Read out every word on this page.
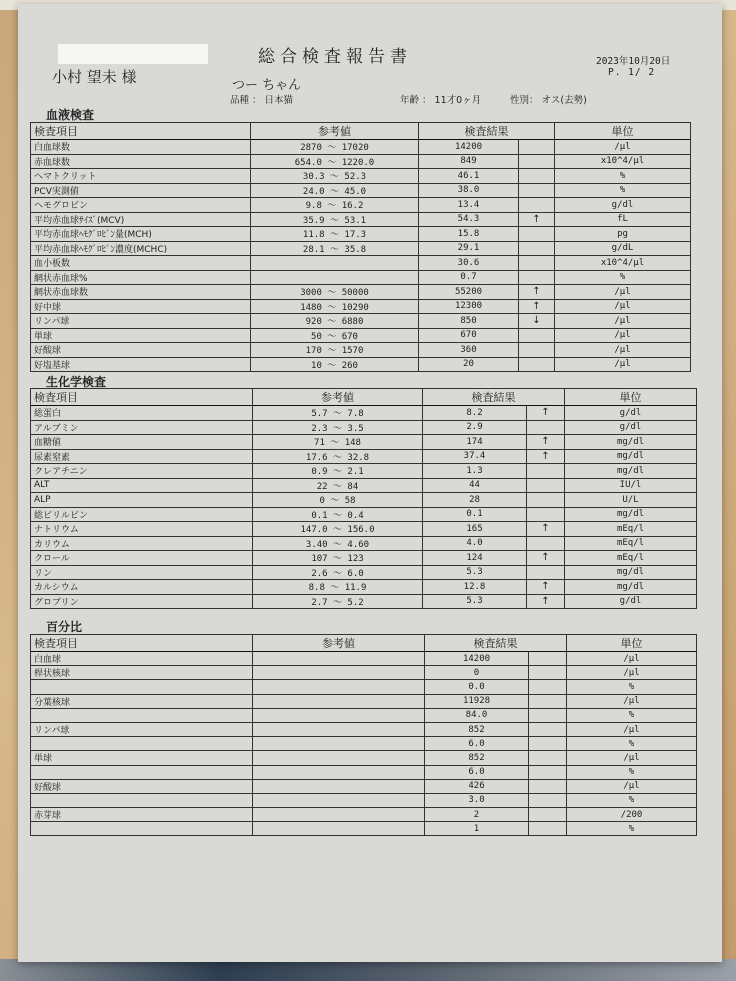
総合検査報告書	2023年10月20日
P. 1/ 2
小村 望未 様	つー ちゃん
品種 ： 日本猫	年齢 ： 11才0ヶ月	性別： オス(去勢)
血液検査
検査項目	参考値	検査結果		単位
白血球数	2870 ～ 17020	14200		/μl
赤血球数	654.0 ～ 1220.0	849		x10^4/μl
ヘマトクリット	30.3 ～ 52.3	46.1		%
PCV実測値	24.0 ～ 45.0	38.0		%
ヘモグロビン	9.8 ～ 16.2	13.4		g/dl
平均赤血球ｻｲｽﾞ(MCV)	35.9 ～ 53.1	54.3	↑	fL
平均赤血球ﾍﾓｸﾞﾛﾋﾞﾝ量(MCH)	11.8 ～ 17.3	15.8		pg
平均赤血球ﾍﾓｸﾞﾛﾋﾞﾝ濃度(MCHC)	28.1 ～ 35.8	29.1		g/dL
血小板数		30.6		x10^4/μl
網状赤血球%		0.7		%
網状赤血球数	3000 ～ 50000	55200	↑	/μl
好中球	1480 ～ 10290	12300	↑	/μl
リンパ球	920 ～ 6880	850	↓	/μl
単球	50 ～ 670	670		/μl
好酸球	170 ～ 1570	360		/μl
好塩基球	10 ～ 260	20		/μl
生化学検査
検査項目	参考値	検査結果		単位
総蛋白	5.7 ～ 7.8	8.2	↑	g/dl
アルブミン	2.3 ～ 3.5	2.9		g/dl
血糖値	71 ～ 148	174	↑	mg/dl
尿素窒素	17.6 ～ 32.8	37.4	↑	mg/dl
クレアチニン	0.9 ～ 2.1	1.3		mg/dl
ALT	22 ～ 84	44		IU/l
ALP	0 ～ 58	28		U/L
総ビリルビン	0.1 ～ 0.4	0.1		mg/dl
ナトリウム	147.0 ～ 156.0	165	↑	mEq/l
カリウム	3.40 ～ 4.60	4.0		mEq/l
クロール	107 ～ 123	124	↑	mEq/l
リン	2.6 ～ 6.0	5.3		mg/dl
カルシウム	8.8 ～ 11.9	12.8	↑	mg/dl
グロブリン	2.7 ～ 5.2	5.3	↑	g/dl
百分比
検査項目	参考値	検査結果		単位
白血球		14200		/μl
桿状核球		0		/μl
		0.0		%
分葉核球		11928		/μl
		84.0		%
リンパ球		852		/μl
		6.0		%
単球		852		/μl
		6.0		%
好酸球		426		/μl
		3.0		%
赤芽球		2		/200
		1		%
